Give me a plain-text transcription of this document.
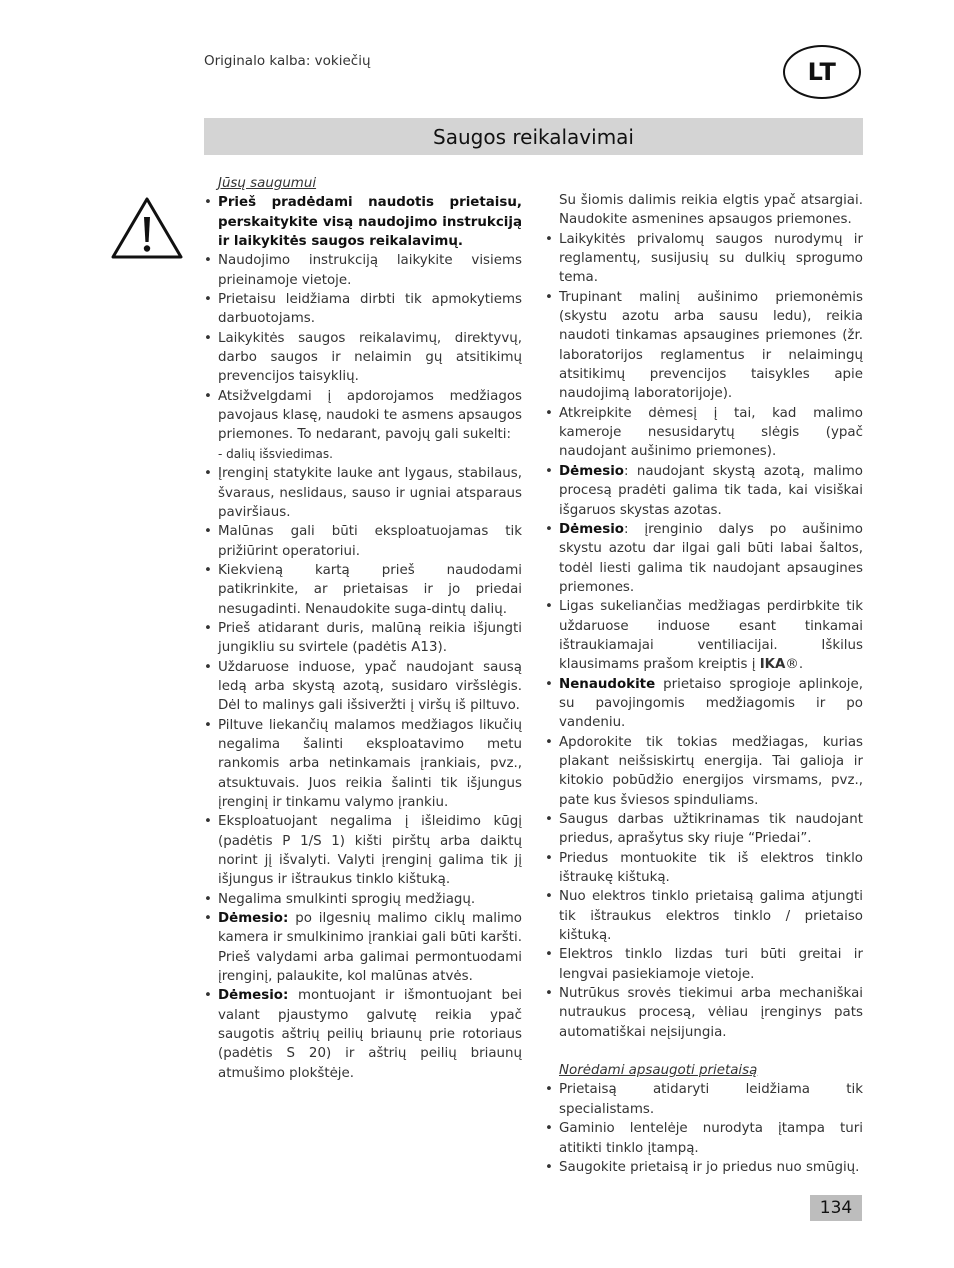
Originalo kalba: vokiečių	LT
Saugos reikalavimai
Jūsų saugumui
• Prieš pradėdami naudotis prietaisu, perskaitykite visą naudojimo instrukciją ir laikykitės saugos reikalavimų.
• Naudojimo instrukciją laikykite visiems prieinamoje vietoje.
• Prietaisu leidžiama dirbti tik apmokytiems darbuotojams.
• Laikykitės saugos reikalavimų, direktyvų, darbo saugos ir nelaimin gų atsitikimų prevencijos taisyklių.
• Atsižvelgdami į apdorojamos medžiagos pavojaus klasę, naudoki te asmens apsaugos priemones. To nedarant, pavojų gali sukelti:
- dalių išsviedimas.
• Įrenginį statykite lauke ant lygaus, stabilaus, švaraus, neslidaus, sauso ir ugniai atsparaus paviršiaus.
• Malūnas gali būti eksploatuojamas tik prižiūrint operatoriui.
• Kiekvieną kartą prieš naudodami patikrinkite, ar prietaisas ir jo priedai nesugadinti. Nenaudokite suga-dintų dalių.
• Prieš atidarant duris, malūną reikia išjungti jungikliu su svirtele (padėtis A13).
• Uždaruose induose, ypač naudojant sausą ledą arba skystą azotą, susidaro viršslėgis. Dėl to malinys gali išsiveržti į viršų iš piltuvo.
• Piltuve liekančių malamos medžiagos likučių negalima šalinti eksploatavimo metu rankomis arba netinkamais įrankiais, pvz., atsuktuvais. Juos reikia šalinti tik išjungus įrenginį ir tinkamu valymo įrankiu.
• Eksploatuojant negalima į išleidimo kūgį (padėtis P 1/S 1) kišti pirštų arba daiktų norint jį išvalyti. Valyti įrenginį galima tik jį išjungus ir ištraukus tinklo kištuką.
• Negalima smulkinti sprogių medžiagų.
• Dėmesio: po ilgesnių malimo ciklų malimo kamera ir smulkinimo įrankiai gali būti karšti. Prieš valydami arba galimai permontuodami įrenginį, palaukite, kol malūnas atvės.
• Dėmesio: montuojant ir išmontuojant bei valant pjaustymo galvutę reikia ypač saugotis aštrių peilių briaunų prie rotoriaus (padėtis S 20) ir aštrių peilių briaunų atmušimo plokštėje.
Su šiomis dalimis reikia elgtis ypač atsargiai. Naudokite asmenines apsaugos priemones.
• Laikykitės privalomų saugos nurodymų ir reglamentų, susijusių su dulkių sprogumo tema.
• Trupinant malinį aušinimo priemonėmis (skystu azotu arba sausu ledu), reikia naudoti tinkamas apsaugines priemones (žr. laboratorijos reglamentus ir nelaimingų atsitikimų prevencijos taisykles apie naudojimą laboratorijoje).
• Atkreipkite dėmesį į tai, kad malimo kameroje nesusidarytų slėgis (ypač naudojant aušinimo priemones).
• Dėmesio: naudojant skystą azotą, malimo procesą pradėti galima tik tada, kai visiškai išgaruos skystas azotas.
• Dėmesio: įrenginio dalys po aušinimo skystu azotu dar ilgai gali būti labai šaltos, todėl liesti galima tik naudojant apsaugines priemones.
• Ligas sukeliančias medžiagas perdirbkite tik uždaruose induose esant tinkamai ištraukiamajai ventiliacijai. Iškilus klausimams prašom kreiptis į IKA®.
• Nenaudokite prietaiso sprogioje aplinkoje, su pavojingomis medžiagomis ir po vandeniu.
• Apdorokite tik tokias medžiagas, kurias plakant neišsiskirtų energija. Tai galioja ir kitokio pobūdžio energijos virsmams, pvz., pate kus šviesos spinduliams.
• Saugus darbas užtikrinamas tik naudojant priedus, aprašytus sky riuje “Priedai”.
• Priedus montuokite tik iš elektros tinklo ištraukę kištuką.
• Nuo elektros tinklo prietaisą galima atjungti tik ištraukus elektros tinklo / prietaiso kištuką.
• Elektros tinklo lizdas turi būti greitai ir lengvai pasiekiamoje vietoje.
• Nutrūkus srovės tiekimui arba mechaniškai nutraukus procesą, vėliau įrenginys pats automatiškai neįsijungia.
Norėdami apsaugoti prietaisą
• Prietaisą atidaryti leidžiama tik specialistams.
• Gaminio lentelėje nurodyta įtampa turi atitikti tinklo įtampą.
• Saugokite prietaisą ir jo priedus nuo smūgių.
134
